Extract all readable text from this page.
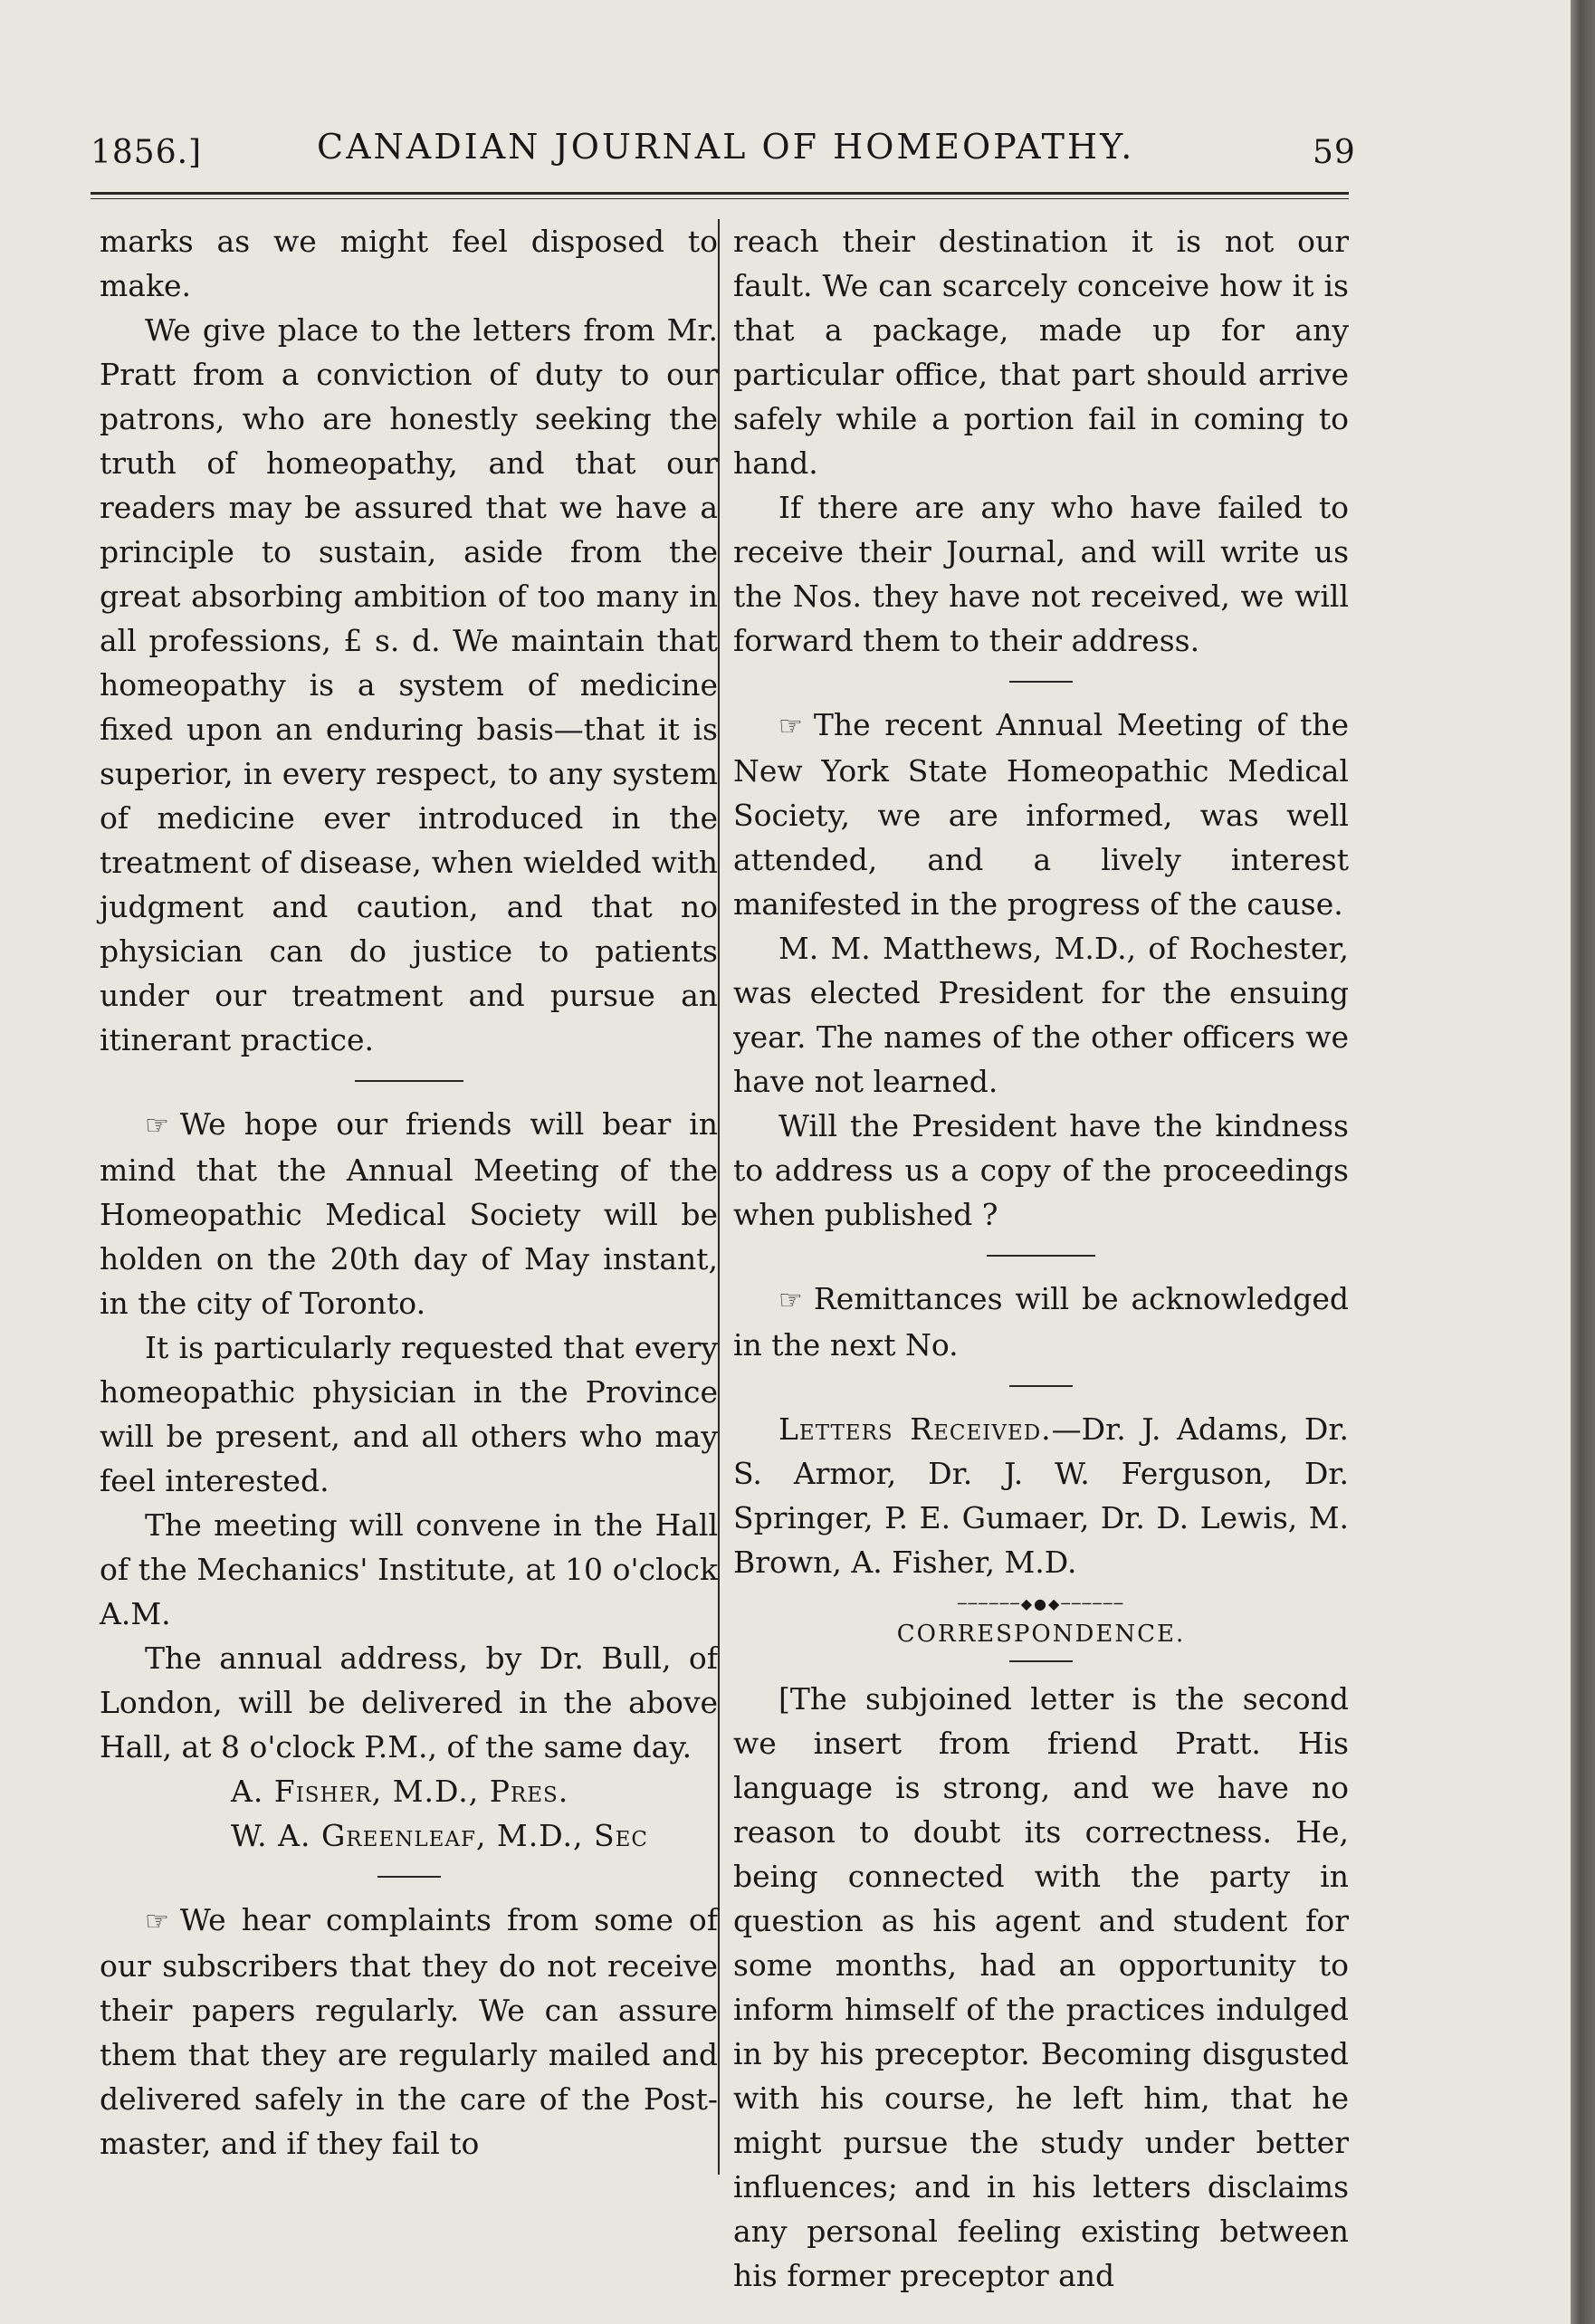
1856.]	CANADIAN JOURNAL OF HOMEOPATHY.	59

marks as we might feel disposed to make.

We give place to the letters from Mr. Pratt from a conviction of duty to our patrons, who are honestly seeking the truth of homeopathy, and that our readers may be assured that we have a principle to sustain, aside from the great absorbing ambition of too many in all professions, £ s. d. We maintain that homeopathy is a system of medicine fixed upon an enduring basis—that it is superior, in every respect, to any system of medicine ever introduced in the treatment of disease, when wielded with judgment and caution, and that no physician can do justice to patients under our treatment and pursue an itinerant practice.

☞ We hope our friends will bear in mind that the Annual Meeting of the Homeopathic Medical Society will be holden on the 20th day of May instant, in the city of Toronto.

It is particularly requested that every homeopathic physician in the Province will be present, and all others who may feel interested.

The meeting will convene in the Hall of the Mechanics' Institute, at 10 o'clock A.M.

The annual address, by Dr. Bull, of London, will be delivered in the above Hall, at 8 o'clock P.M., of the same day.

A. Fisher, M.D., Pres.

W. A. Greenleaf, M.D., Sec

☞ We hear complaints from some of our subscribers that they do not receive their papers regularly. We can assure them that they are regularly mailed and delivered safely in the care of the Post-master, and if they fail to

reach their destination it is not our fault. We can scarcely conceive how it is that a package, made up for any particular office, that part should arrive safely while a portion fail in coming to hand.

If there are any who have failed to receive their Journal, and will write us the Nos. they have not received, we will forward them to their address.

☞ The recent Annual Meeting of the New York State Homeopathic Medical Society, we are informed, was well attended, and a lively interest manifested in the progress of the cause.

M. M. Matthews, M.D., of Rochester, was elected President for the ensuing year. The names of the other officers we have not learned.

Will the President have the kindness to address us a copy of the proceedings when published ?

☞ Remittances will be acknowledged in the next No.

Letters Received.—Dr. J. Adams, Dr. S. Armor, Dr. J. W. Ferguson, Dr. Springer, P. E. Gumaer, Dr. D. Lewis, M. Brown, A. Fisher, M.D.

──────◆●◆──────

CORRESPONDENCE.

[The subjoined letter is the second we insert from friend Pratt. His language is strong, and we have no reason to doubt its correctness. He, being connected with the party in question as his agent and student for some months, had an opportunity to inform himself of the practices indulged in by his preceptor. Becoming disgusted with his course, he left him, that he might pursue the study under better influences; and in his letters disclaims any personal feeling existing between his former preceptor and
